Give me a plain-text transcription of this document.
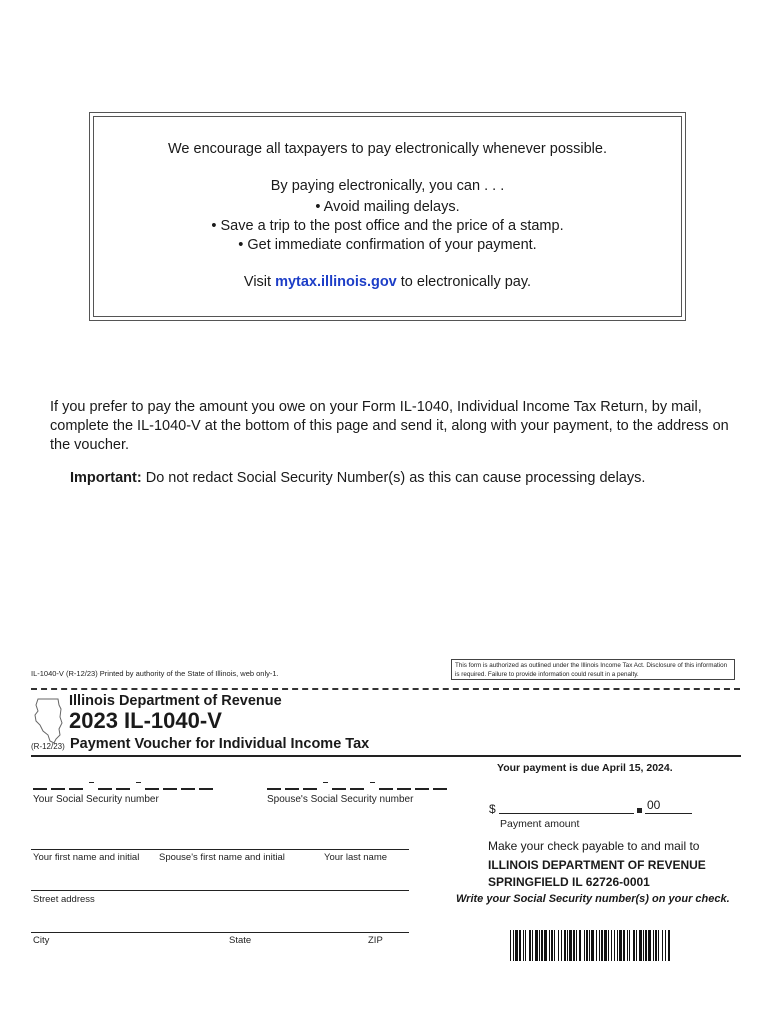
We encourage all taxpayers to pay electronically whenever possible.
By paying electronically, you can . . .
• Avoid mailing delays.
• Save a trip to the post office and the price of a stamp.
• Get immediate confirmation of your payment.
Visit mytax.illinois.gov to electronically pay.
If you prefer to pay the amount you owe on your Form IL-1040, Individual Income Tax Return, by mail, complete the IL-1040-V at the bottom of this page and send it, along with your payment, to the address on the voucher.
Important: Do not redact Social Security Number(s) as this can cause processing delays.
This form is authorized as outlined under the Illinois Income Tax Act. Disclosure of this information is required. Failure to provide information could result in a penalty.
IL-1040-V (R-12/23) Printed by authority of the State of Illinois, web only-1.
Illinois Department of Revenue
2023 IL-1040-V
(R-12/23) Payment Voucher for Individual Income Tax
Your payment is due April 15, 2024.
Your Social Security number	Spouse's Social Security number
$	00
Payment amount
Your first name and initial Spouse's first name and initial	Your last name
Street address
City	State	ZIP
Make your check payable to and mail to
ILLINOIS DEPARTMENT OF REVENUE
SPRINGFIELD IL 62726-0001
Write your Social Security number(s) on your check.
